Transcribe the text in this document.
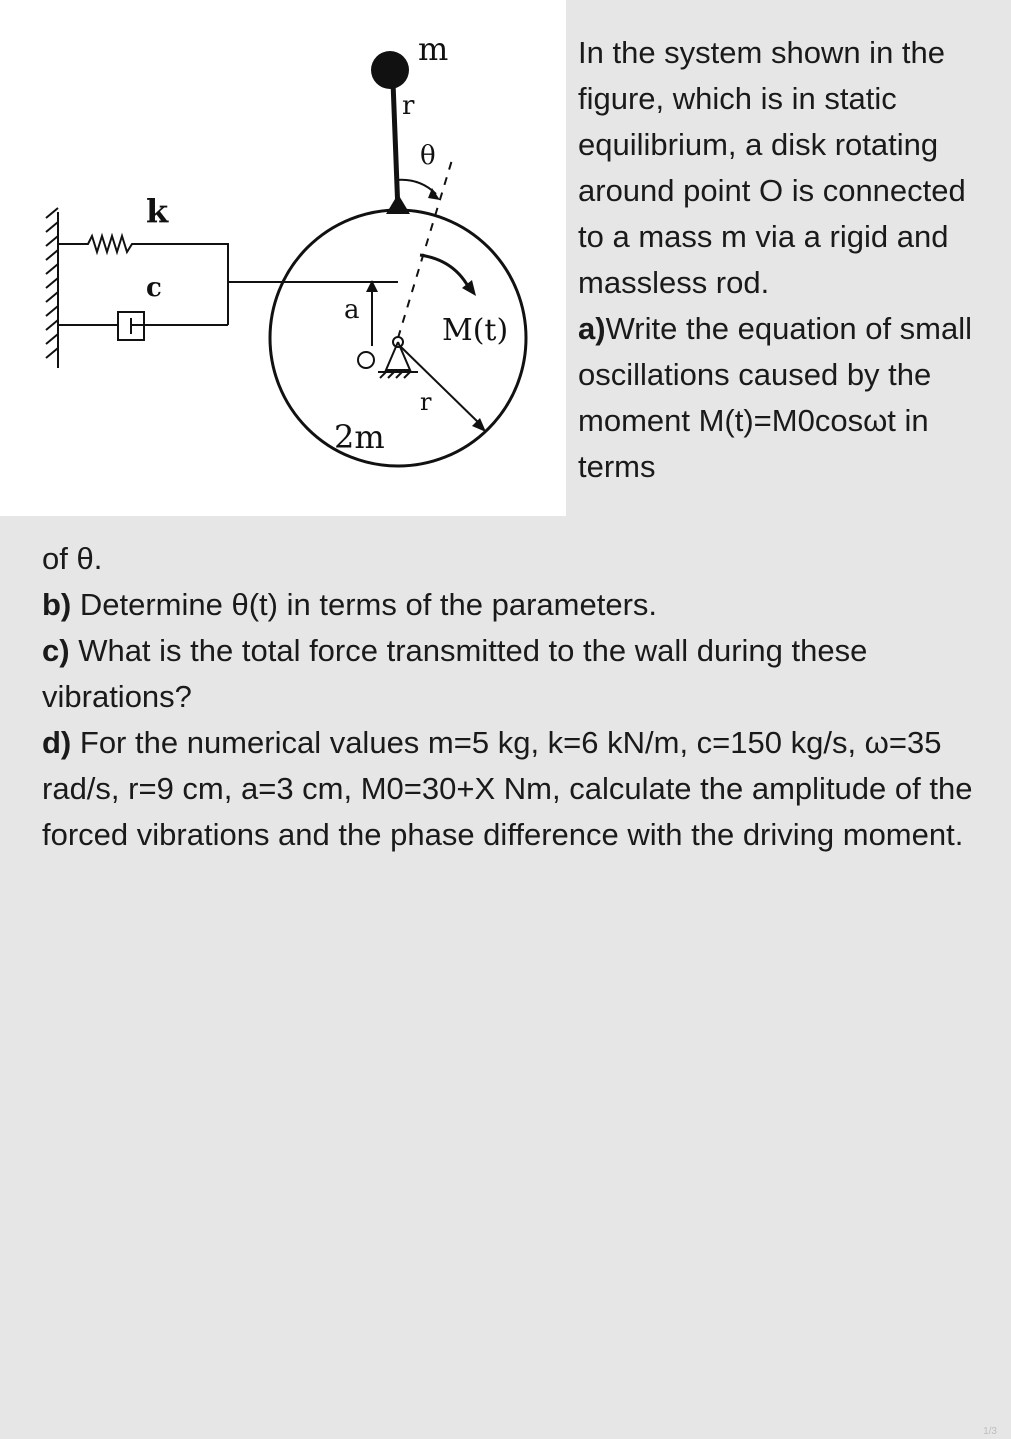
m
r
θ
k
c
a
M(t)
r
2m

In the system shown in the figure, which is in static equilibrium, a disk rotating around point O is connected to a mass m via a rigid and massless rod.

a)Write the equation of small oscillations caused by the moment M(t)=M0cosωt in terms

of θ.

b) Determine θ(t) in terms of the parameters.

c) What is the total force transmitted to the wall during these vibrations?

d) For the numerical values m=5 kg, k=6 kN/m, c=150 kg/s, ω=35 rad/s, r=9 cm, a=3 cm, M0=30+X Nm, calculate the amplitude of the forced vibrations and the phase difference with the driving moment.

1/3
